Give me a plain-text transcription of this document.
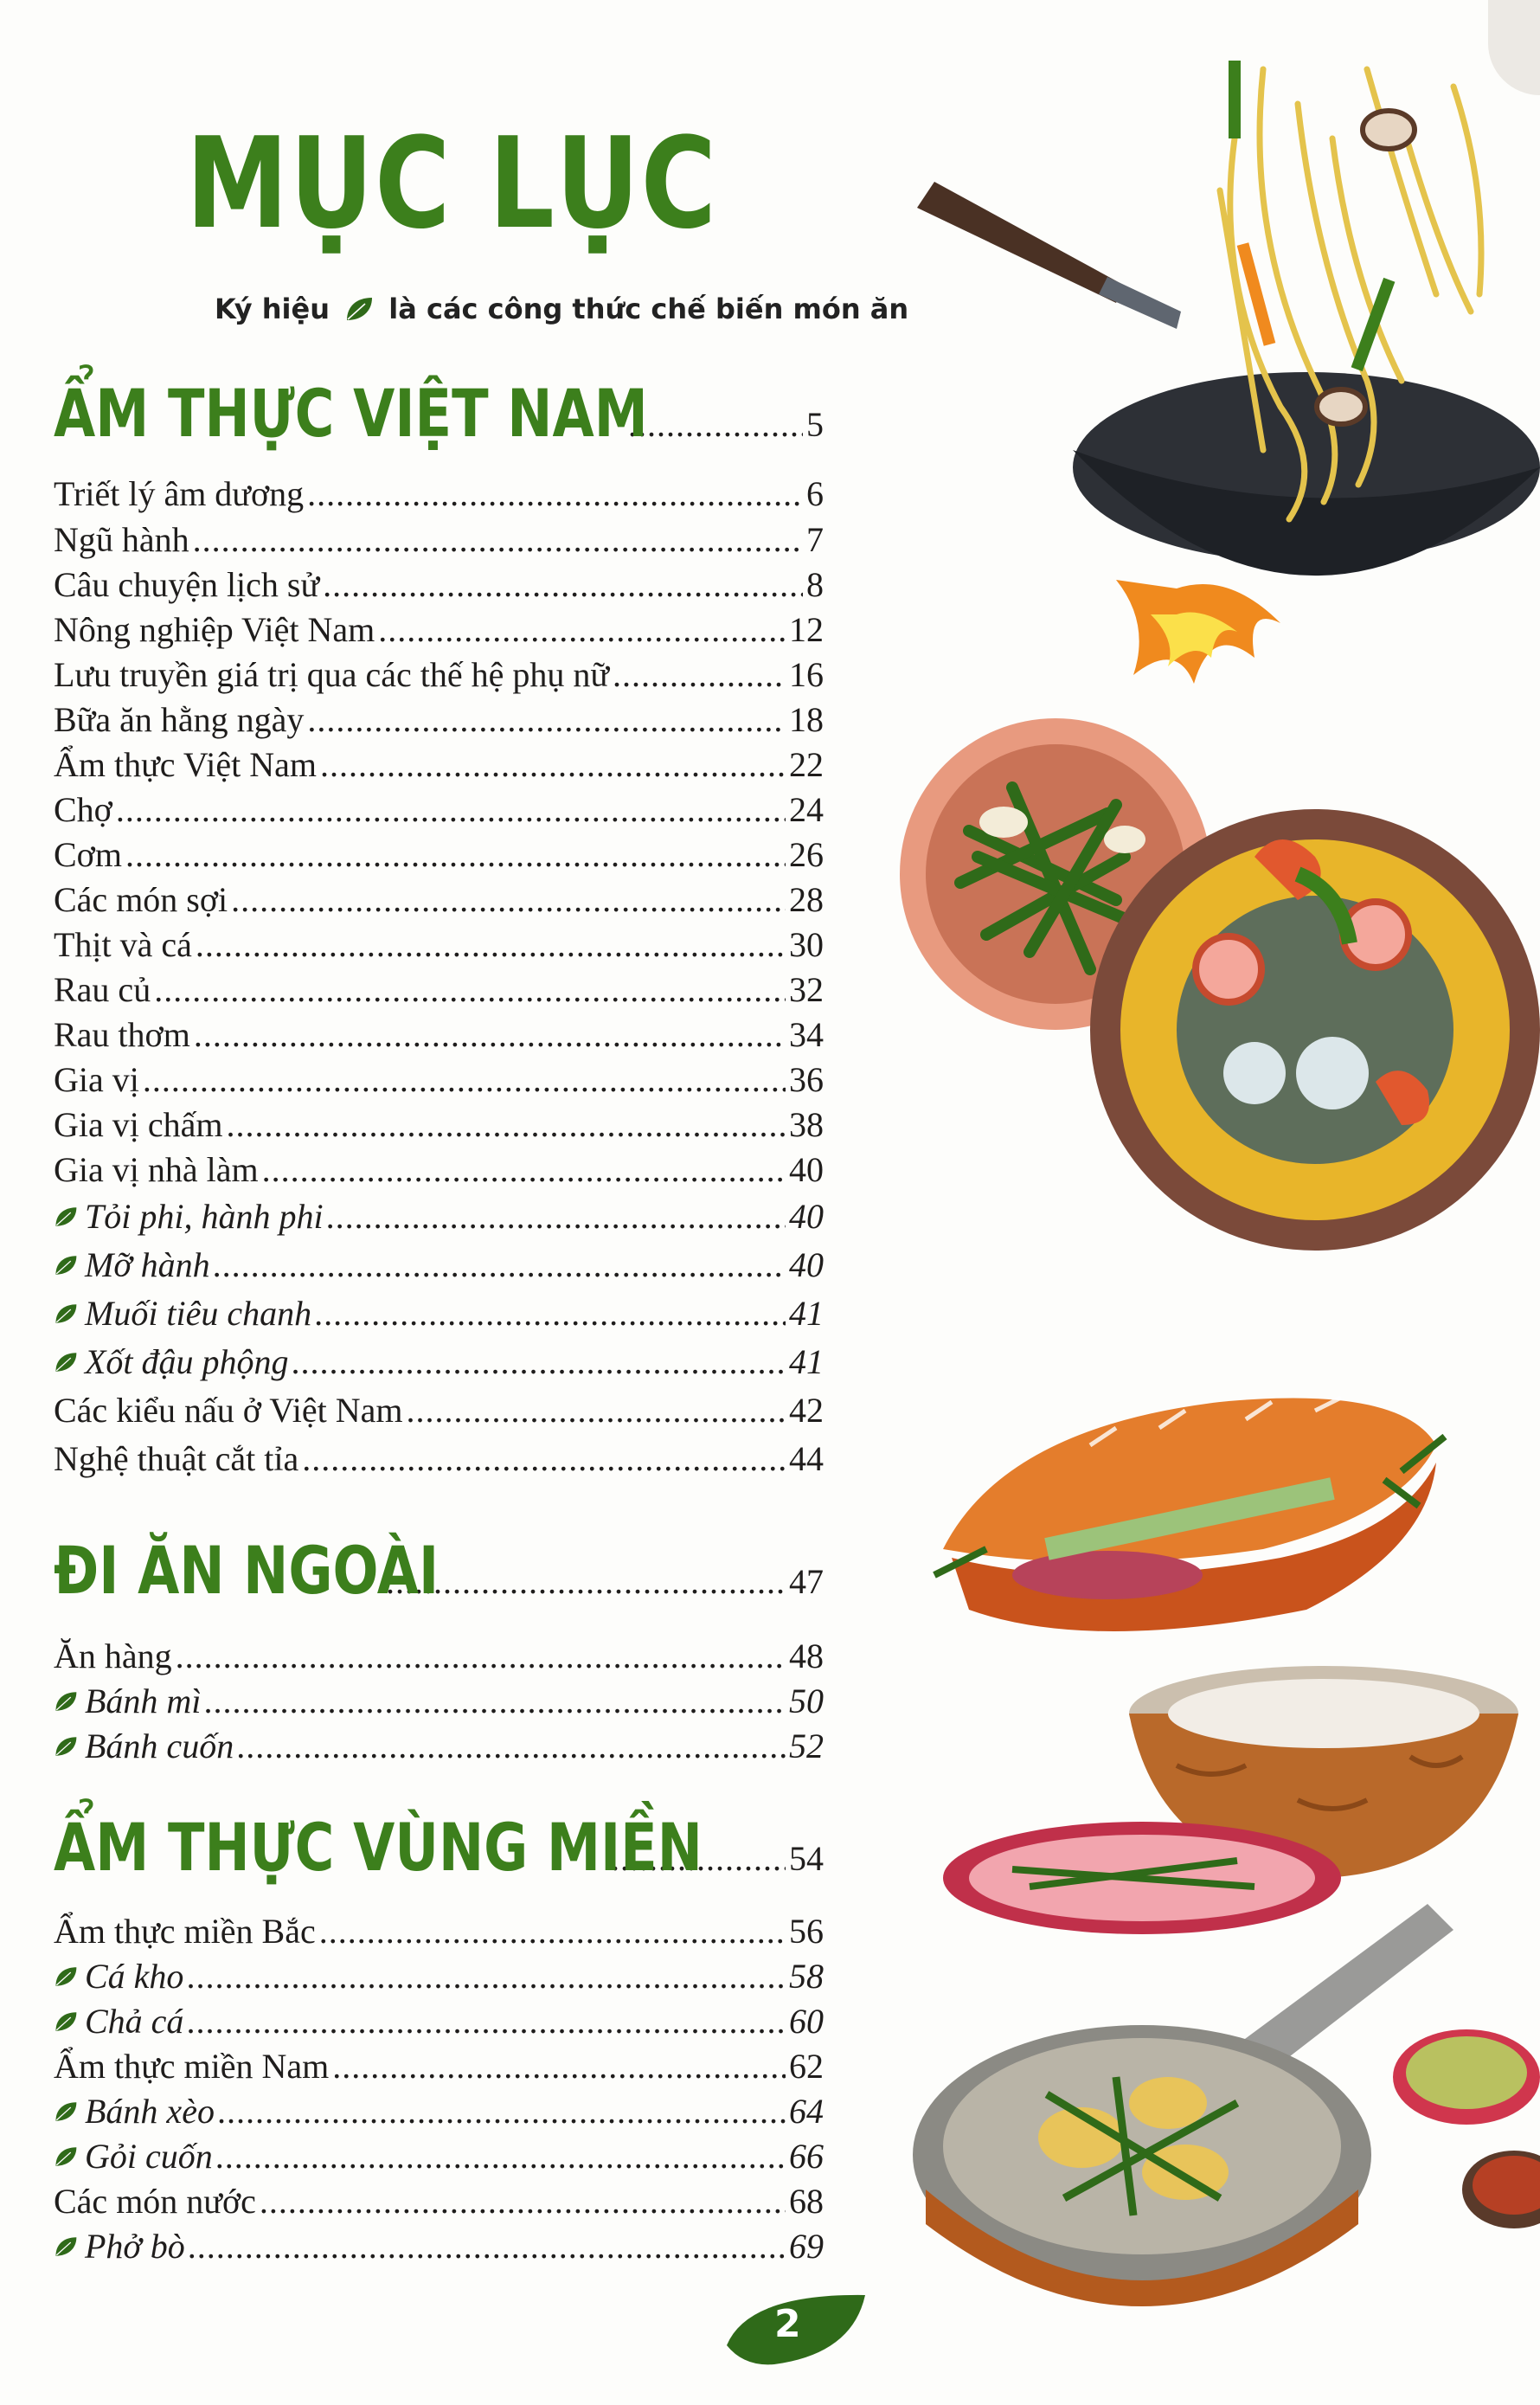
MỤC LỤC
Ký hiệu là các công thức chế biến món ăn
ẨM THỰC VIỆT NAM .....	5
Triết lý âm dương .....	6
Ngũ hành .....	7
Câu chuyện lịch sử .....	8
Nông nghiệp Việt Nam .....	12
Lưu truyền giá trị qua các thế hệ phụ nữ .....	16
Bữa ăn hằng ngày .....	18
Ẩm thực Việt Nam .....	22
Chợ .....	24
Cơm .....	26
Các món sợi .....	28
Thịt và cá .....	30
Rau củ .....	32
Rau thơm .....	34
Gia vị .....	36
Gia vị chấm .....	38
Gia vị nhà làm .....	40
Tỏi phi, hành phi .....	40
Mỡ hành .....	40
Muối tiêu chanh .....	41
Xốt đậu phộng .....	41
Các kiểu nấu ở Việt Nam .....	42
Nghệ thuật cắt tỉa .....	44
ĐI ĂN NGOÀI .....	47
Ăn hàng .....	48
Bánh mì .....	50
Bánh cuốn .....	52
ẨM THỰC VÙNG MIỀN .....	54
Ẩm thực miền Bắc .....	56
Cá kho .....	58
Chả cá .....	60
Ẩm thực miền Nam .....	62
Bánh xèo .....	64
Gỏi cuốn .....	66
Các món nước .....	68
Phở bò .....	69
2
